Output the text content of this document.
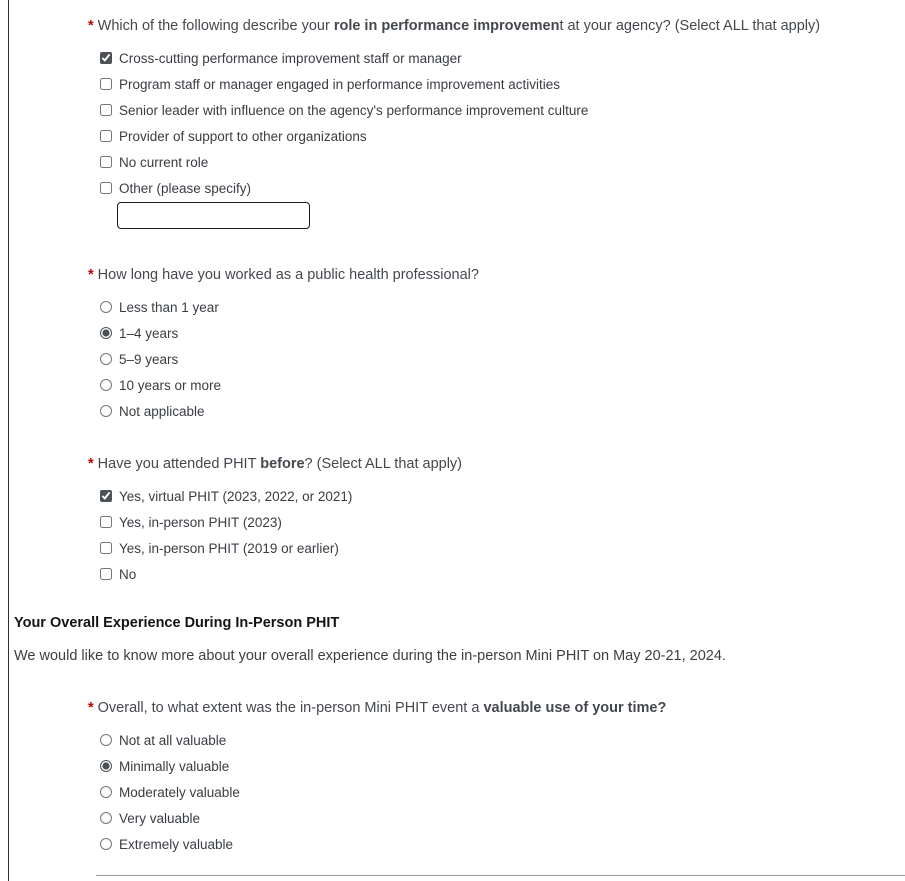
* Which of the following describe your role in performance improvement at your agency? (Select ALL that apply)
Cross-cutting performance improvement staff or manager
Program staff or manager engaged in performance improvement activities
Senior leader with influence on the agency's performance improvement culture
Provider of support to other organizations
No current role
Other (please specify)
* How long have you worked as a public health professional?
Less than 1 year
1–4 years
5–9 years
10 years or more
Not applicable
* Have you attended PHIT before? (Select ALL that apply)
Yes, virtual PHIT (2023, 2022, or 2021)
Yes, in-person PHIT (2023)
Yes, in-person PHIT (2019 or earlier)
No
Your Overall Experience During In-Person PHIT
We would like to know more about your overall experience during the in-person Mini PHIT on May 20-21, 2024.
* Overall, to what extent was the in-person Mini PHIT event a valuable use of your time?
Not at all valuable
Minimally valuable
Moderately valuable
Very valuable
Extremely valuable
